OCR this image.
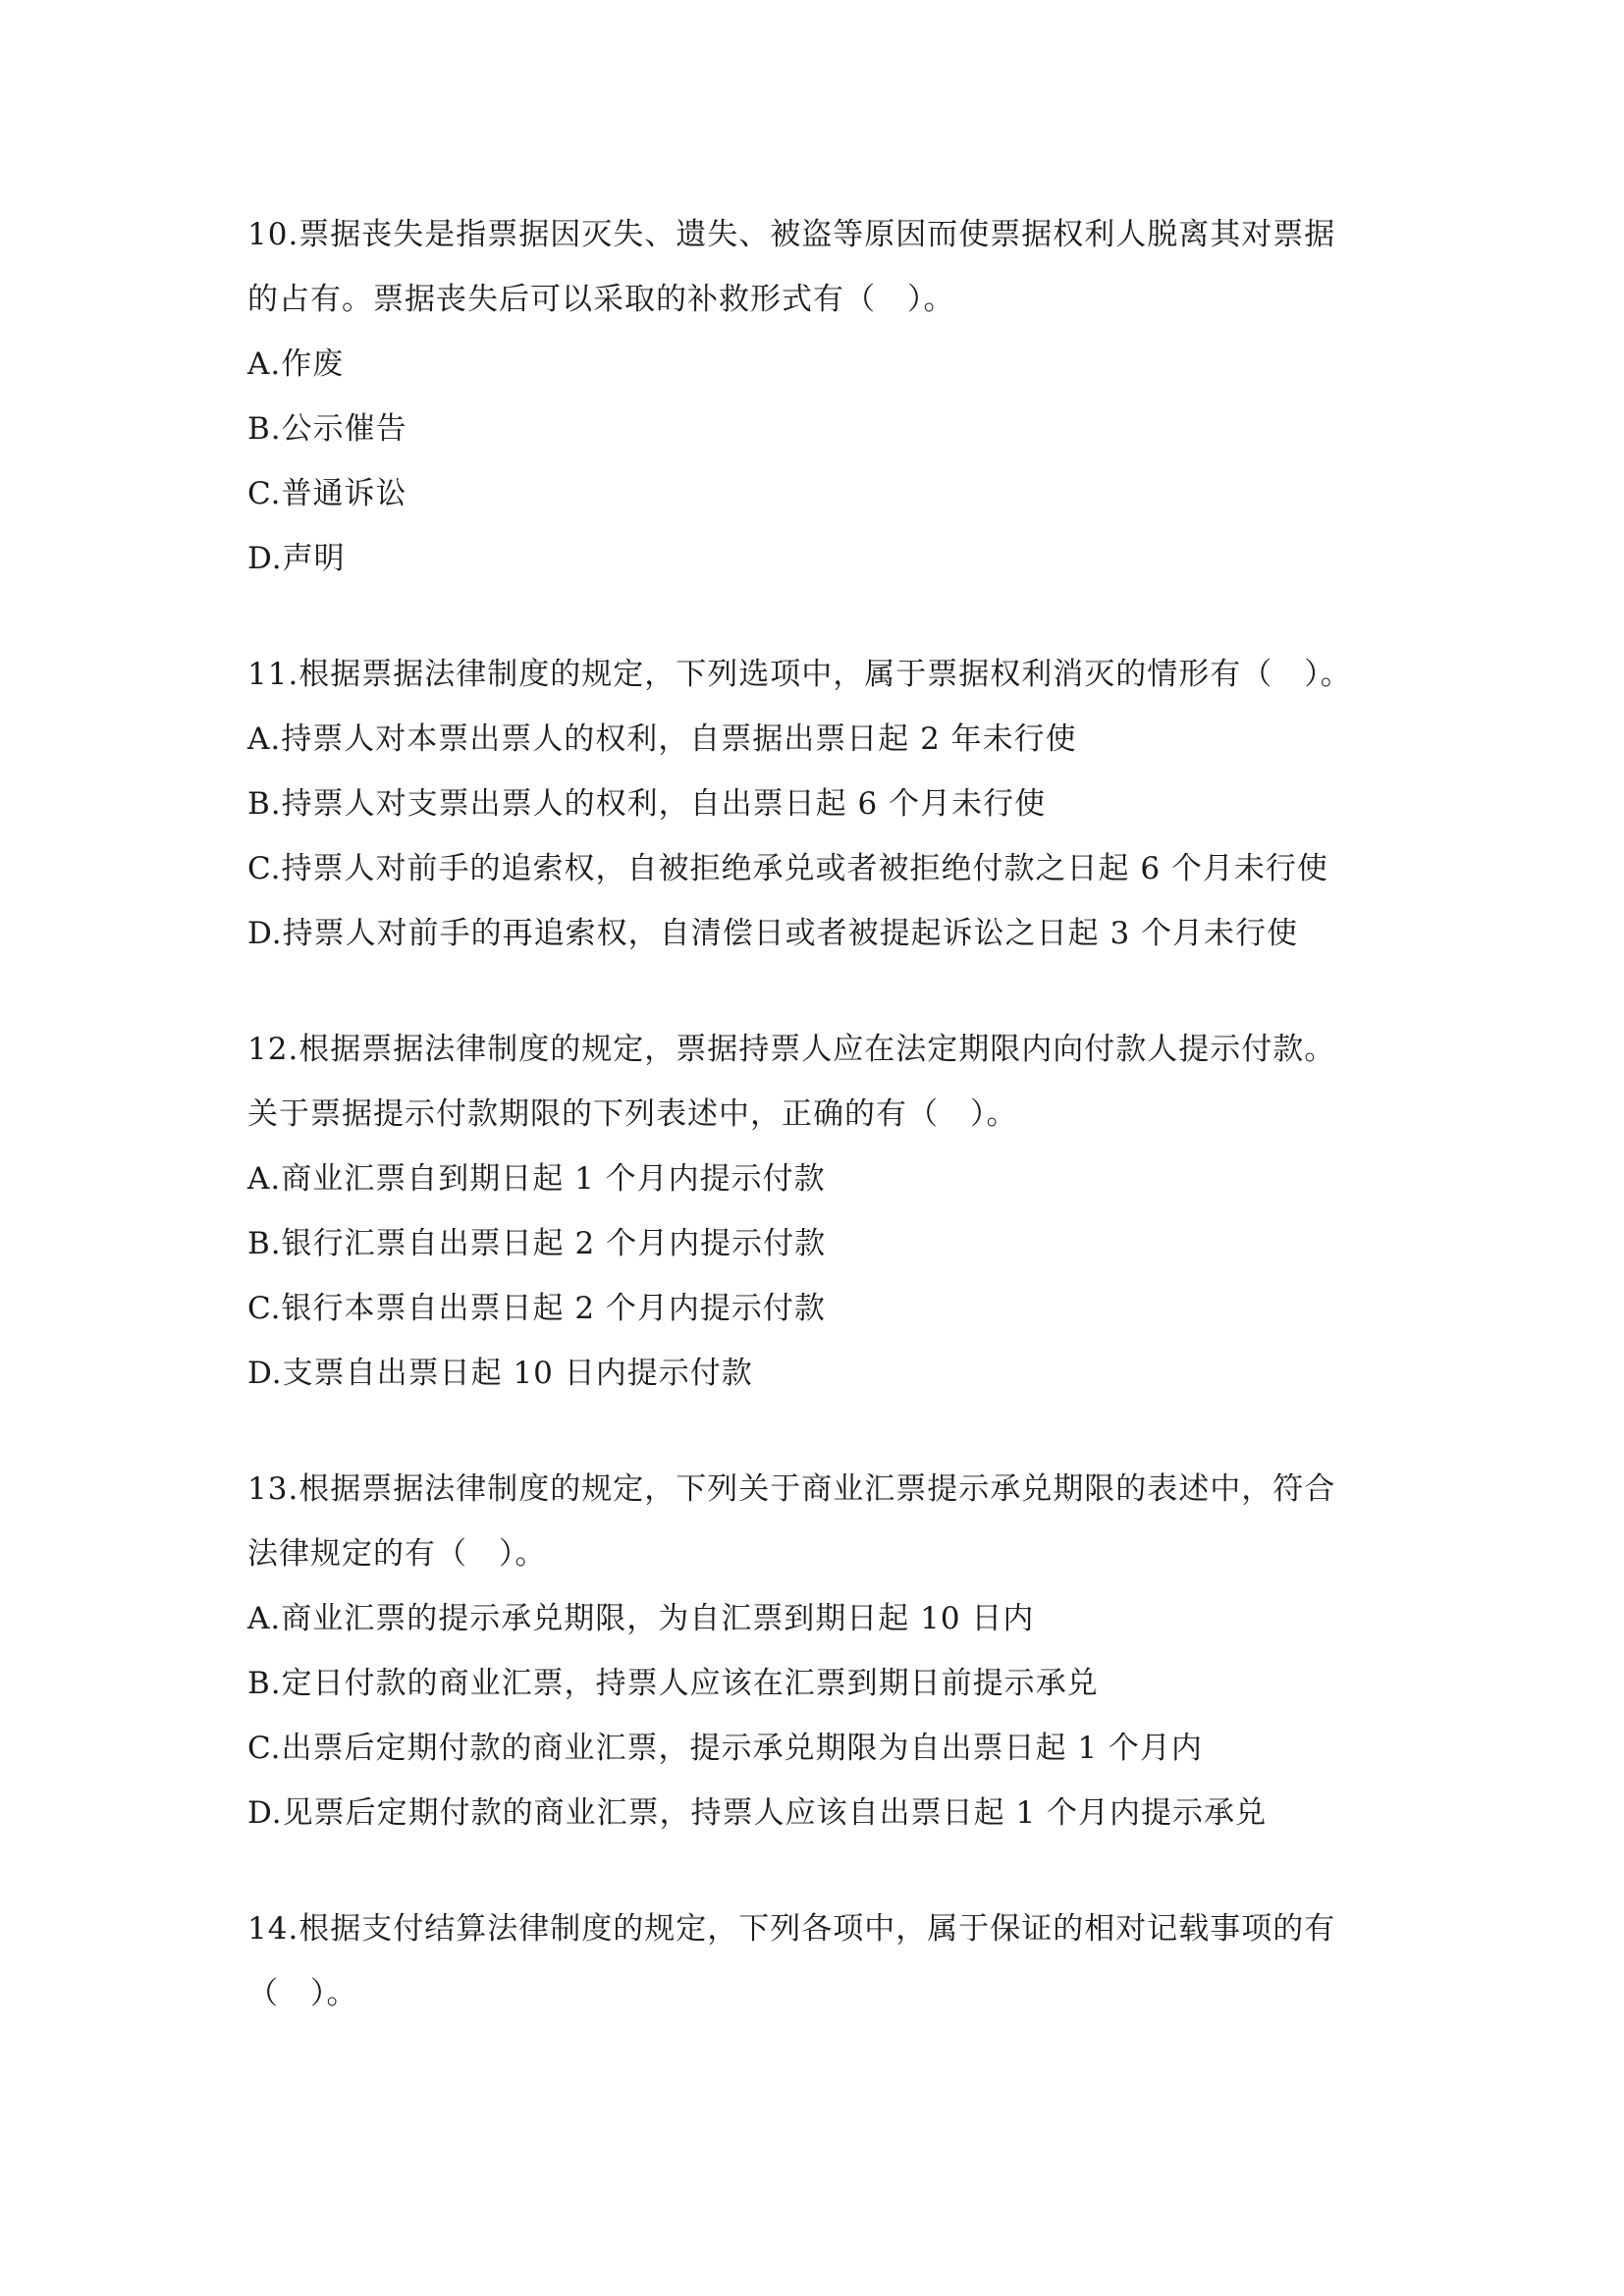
10.票据丧失是指票据因灭失、遗失、被盗等原因而使票据权利人脱离其对票据
的占有。票据丧失后可以采取的补救形式有（　）。
A.作废
B.公示催告
C.普通诉讼
D.声明
11.根据票据法律制度的规定，下列选项中，属于票据权利消灭的情形有（　）。
A.持票人对本票出票人的权利，自票据出票日起 2 年未行使
B.持票人对支票出票人的权利，自出票日起 6 个月未行使
C.持票人对前手的追索权，自被拒绝承兑或者被拒绝付款之日起 6 个月未行使
D.持票人对前手的再追索权，自清偿日或者被提起诉讼之日起 3 个月未行使
12.根据票据法律制度的规定，票据持票人应在法定期限内向付款人提示付款。
关于票据提示付款期限的下列表述中，正确的有（　）。
A.商业汇票自到期日起 1 个月内提示付款
B.银行汇票自出票日起 2 个月内提示付款
C.银行本票自出票日起 2 个月内提示付款
D.支票自出票日起 10 日内提示付款
13.根据票据法律制度的规定，下列关于商业汇票提示承兑期限的表述中，符合
法律规定的有（　）。
A.商业汇票的提示承兑期限，为自汇票到期日起 10 日内
B.定日付款的商业汇票，持票人应该在汇票到期日前提示承兑
C.出票后定期付款的商业汇票，提示承兑期限为自出票日起 1 个月内
D.见票后定期付款的商业汇票，持票人应该自出票日起 1 个月内提示承兑
14.根据支付结算法律制度的规定，下列各项中，属于保证的相对记载事项的有
（　）。
